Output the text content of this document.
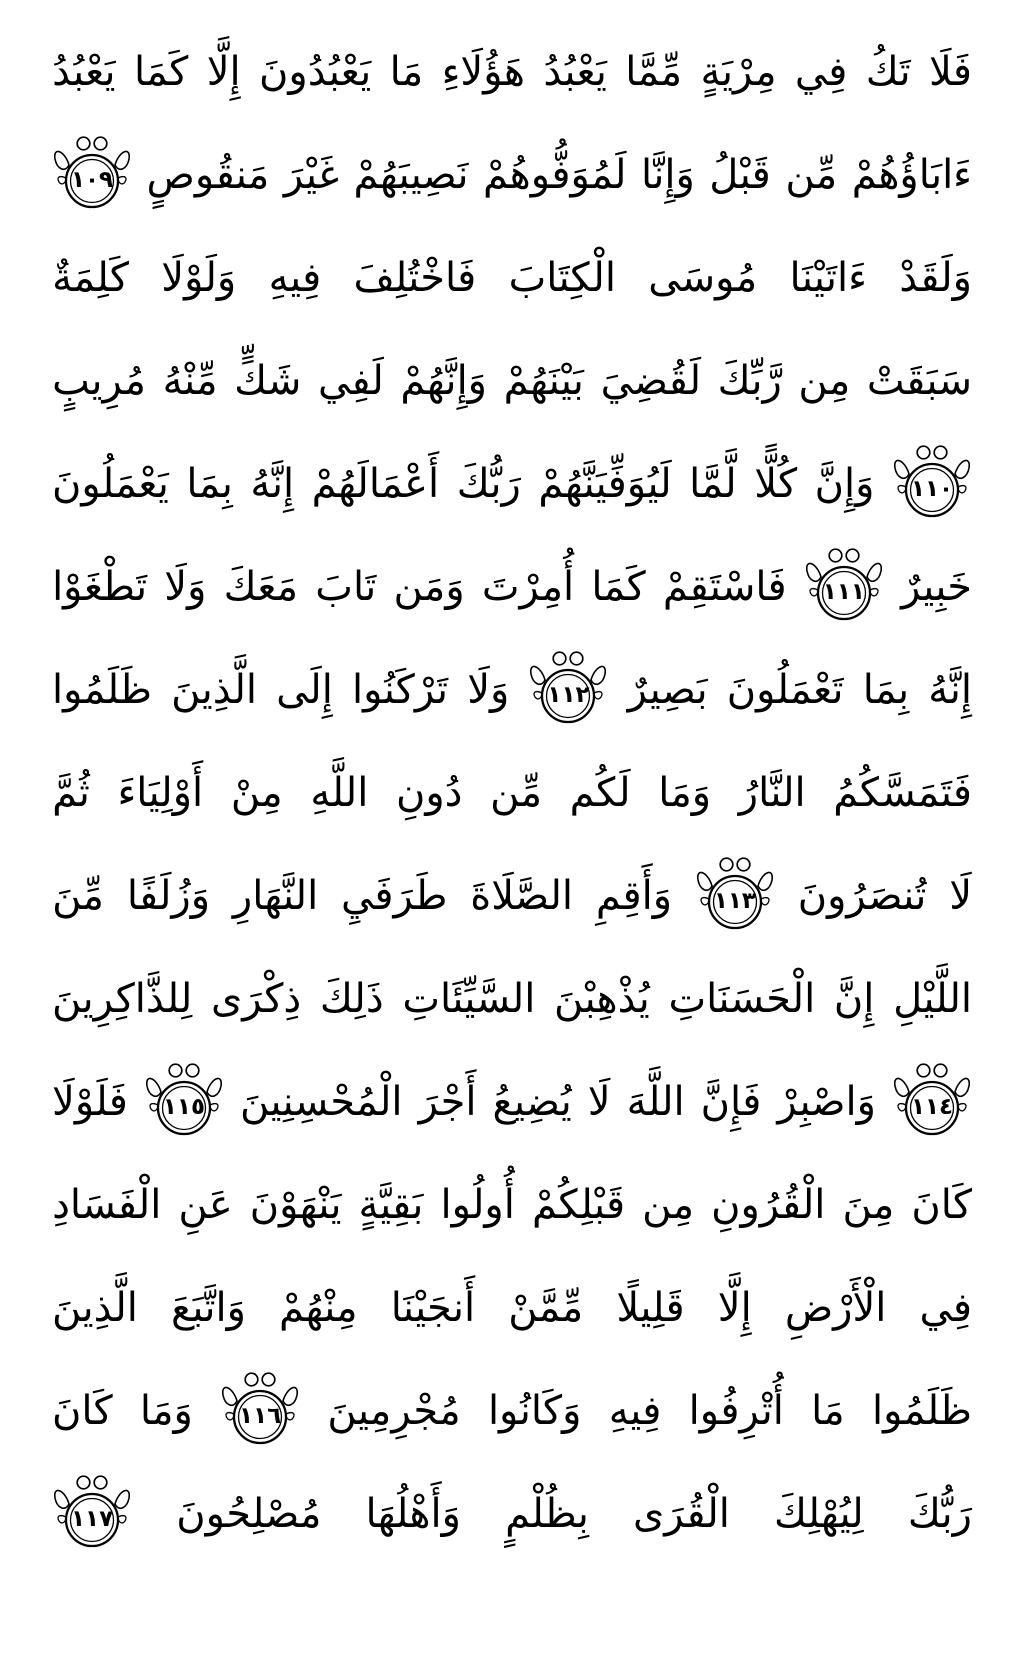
فَلَا
تَكُ
فِي
مِرْيَةٍ
مِّمَّا
يَعْبُدُ
هَؤُلَاءِ
مَا
يَعْبُدُونَ
إِلَّا
كَمَا
يَعْبُدُ
ءَابَاؤُهُمْ
مِّن
قَبْلُ
وَإِنَّا
لَمُوَفُّوهُمْ
نَصِيبَهُمْ
غَيْرَ
مَنقُوصٍ
١٠٩
وَلَقَدْ
ءَاتَيْنَا
مُوسَى
الْكِتَابَ
فَاخْتُلِفَ
فِيهِ
وَلَوْلَا
كَلِمَةٌ
سَبَقَتْ
مِن
رَّبِّكَ
لَقُضِيَ
بَيْنَهُمْ
وَإِنَّهُمْ
لَفِي
شَكٍّ
مِّنْهُ
مُرِيبٍ
١١٠
وَإِنَّ
كُلًّا
لَّمَّا
لَيُوَفِّيَنَّهُمْ
رَبُّكَ
أَعْمَالَهُمْ
إِنَّهُ
بِمَا
يَعْمَلُونَ
خَبِيرٌ
١١١
فَاسْتَقِمْ
كَمَا
أُمِرْتَ
وَمَن
تَابَ
مَعَكَ
وَلَا
تَطْغَوْا
إِنَّهُ
بِمَا
تَعْمَلُونَ
بَصِيرٌ
١١٢
وَلَا
تَرْكَنُوا
إِلَى
الَّذِينَ
ظَلَمُوا
فَتَمَسَّكُمُ
النَّارُ
وَمَا
لَكُم
مِّن
دُونِ
اللَّهِ
مِنْ
أَوْلِيَاءَ
ثُمَّ
لَا
تُنصَرُونَ
١١٣
وَأَقِمِ
الصَّلَاةَ
طَرَفَيِ
النَّهَارِ
وَزُلَفًا
مِّنَ
اللَّيْلِ
إِنَّ
الْحَسَنَاتِ
يُذْهِبْنَ
السَّيِّئَاتِ
ذَلِكَ
ذِكْرَى
لِلذَّاكِرِينَ
١١٤
وَاصْبِرْ
فَإِنَّ
اللَّهَ
لَا
يُضِيعُ
أَجْرَ
الْمُحْسِنِينَ
١١٥
فَلَوْلَا
كَانَ
مِنَ
الْقُرُونِ
مِن
قَبْلِكُمْ
أُولُوا
بَقِيَّةٍ
يَنْهَوْنَ
عَنِ
الْفَسَادِ
فِي
الْأَرْضِ
إِلَّا
قَلِيلًا
مِّمَّنْ
أَنجَيْنَا
مِنْهُمْ
وَاتَّبَعَ
الَّذِينَ
ظَلَمُوا
مَا
أُتْرِفُوا
فِيهِ
وَكَانُوا
مُجْرِمِينَ
١١٦
وَمَا
كَانَ
رَبُّكَ
لِيُهْلِكَ
الْقُرَى
بِظُلْمٍ
وَأَهْلُهَا
مُصْلِحُونَ
١١٧
